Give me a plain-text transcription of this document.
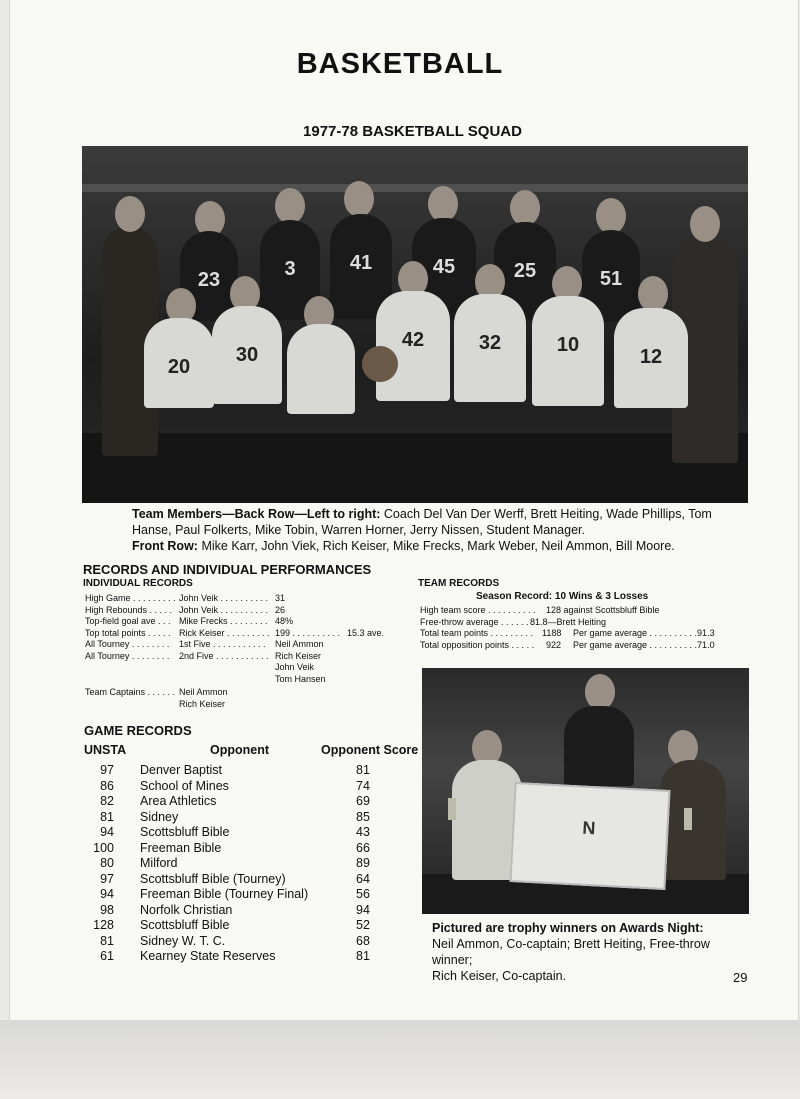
BASKETBALL
1977-78 BASKETBALL SQUAD
23	3	41	45	25	51
20
30
42	32	10
12
Team Members—Back Row—Left to right: Coach Del Van Der Werff, Brett Heiting, Wade Phillips, Tom
Hanse, Paul Folkerts, Mike Tobin, Warren Horner, Jerry Nissen, Student Manager.
Front Row: Mike Karr, John Viek, Rich Keiser, Mike Frecks, Mark Weber, Neil Ammon, Bill Moore.
RECORDS AND INDIVIDUAL PERFORMANCES
INDIVIDUAL RECORDS
High Game . . . . . . . . . John Veik . . . . . . . . . . 31
High Rebounds . . . . . John Veik . . . . . . . . . . 26
Top-field goal ave . . . Mike Frecks . . . . . . . . 48%
Top total points . . . . . Rick Keiser . . . . . . . . . 199 . . . . . . . . . . 15.3 ave.
All Tourney . . . . . . . . 1st Five . . . . . . . . . . . Neil Ammon
All Tourney . . . . . . . . 2nd Five . . . . . . . . . . . Rich Keiser
John Veik
Tom Hansen
Team Captains . . . . . . Neil Ammon
Rich Keiser
TEAM RECORDS
Season Record: 10 Wins & 3 Losses
High team score . . . . . . . . . . 128 against Scottsbluff Bible
Free-throw average . . . . . . . .
81.8—Brett Heiting
Total team points . . . . . . . . . 1188 Per game average . . . . . . . . . .91.3
Total opposition points . . . . . 922 Per game average . . . . . . . . . .71.0
GAME RECORDS
UNSTA	Opponent	Opponent Score
97 Denver Baptist	81
86 School of Mines	74
82 Area Athletics	69
81 Sidney	85
94 Scottsbluff Bible	43
100 Freeman Bible	66
80 Milford	89
97 Scottsbluff Bible (Tourney)	64
94 Freeman Bible (Tourney Final)	56
98 Norfolk Christian	94
128 Scottsbluff Bible	52
81 Sidney W. T. C.	68
61 Kearney State Reserves	81
N
Pictured are trophy winners on Awards Night:
Neil Ammon, Co-captain; Brett Heiting, Free-throw winner;
Rich Keiser, Co-captain.	29
